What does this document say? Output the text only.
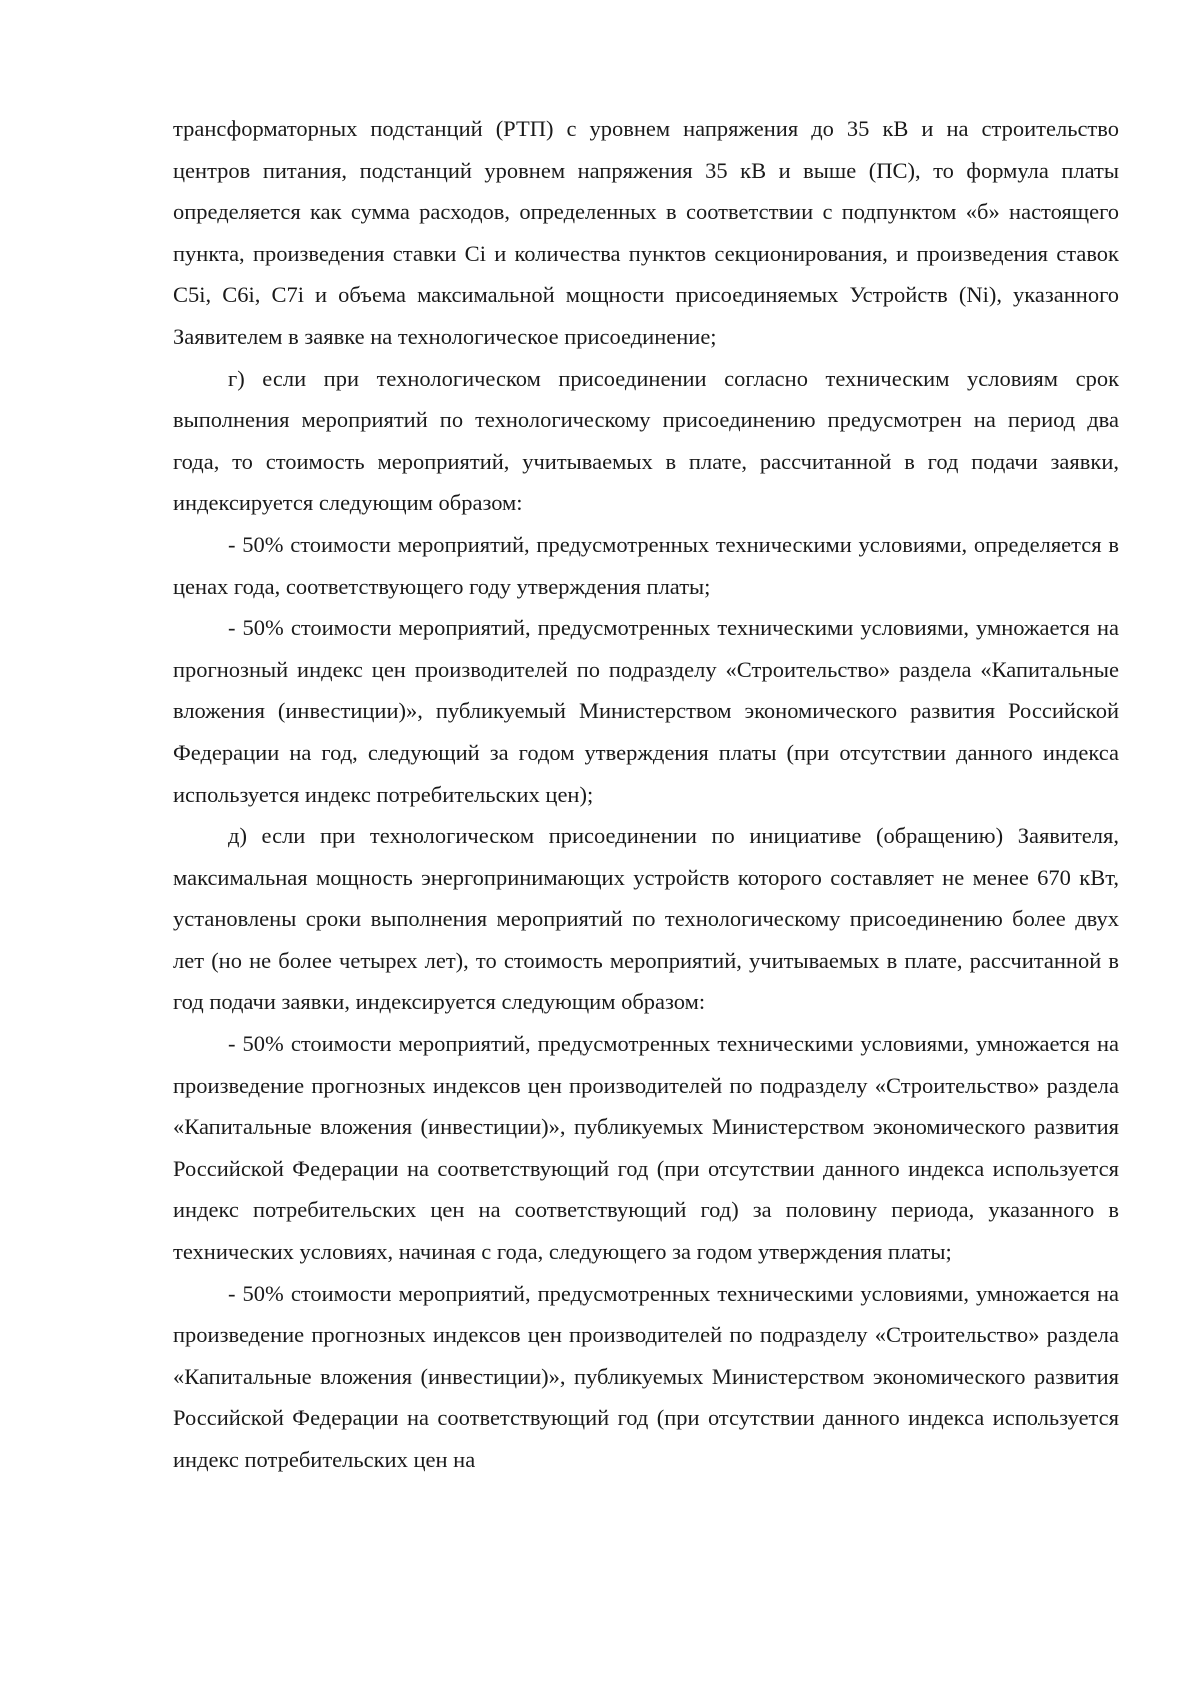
трансформаторных подстанций (РТП) с уровнем напряжения до 35 кВ и на строительство центров питания, подстанций уровнем напряжения 35 кВ и выше (ПС), то формула платы определяется как сумма расходов, определенных в соответствии с подпунктом «б» настоящего пункта, произведения ставки Ci и количества пунктов секционирования, и произведения ставок C5i, C6i, C7i и объема максимальной мощности присоединяемых Устройств (Ni), указанного Заявителем в заявке на технологическое присоединение;

г) если при технологическом присоединении согласно техническим условиям срок выполнения мероприятий по технологическому присоединению предусмотрен на период два года, то стоимость мероприятий, учитываемых в плате, рассчитанной в год подачи заявки, индексируется следующим образом:

- 50% стоимости мероприятий, предусмотренных техническими условиями, определяется в ценах года, соответствующего году утверждения платы;

- 50% стоимости мероприятий, предусмотренных техническими условиями, умножается на прогнозный индекс цен производителей по подразделу «Строительство» раздела «Капитальные вложения (инвестиции)», публикуемый Министерством экономического развития Российской Федерации на год, следующий за годом утверждения платы (при отсутствии данного индекса используется индекс потребительских цен);

д) если при технологическом присоединении по инициативе (обращению) Заявителя, максимальная мощность энергопринимающих устройств которого составляет не менее 670 кВт, установлены сроки выполнения мероприятий по технологическому присоединению более двух лет (но не более четырех лет), то стоимость мероприятий, учитываемых в плате, рассчитанной в год подачи заявки, индексируется следующим образом:

- 50% стоимости мероприятий, предусмотренных техническими условиями, умножается на произведение прогнозных индексов цен производителей по подразделу «Строительство» раздела «Капитальные вложения (инвестиции)», публикуемых Министерством экономического развития Российской Федерации на соответствующий год (при отсутствии данного индекса используется индекс потребительских цен на соответствующий год) за половину периода, указанного в технических условиях, начиная с года, следующего за годом утверждения платы;

- 50% стоимости мероприятий, предусмотренных техническими условиями, умножается на произведение прогнозных индексов цен производителей по подразделу «Строительство» раздела «Капитальные вложения (инвестиции)», публикуемых Министерством экономического развития Российской Федерации на соответствующий год (при отсутствии данного индекса используется индекс потребительских цен на
